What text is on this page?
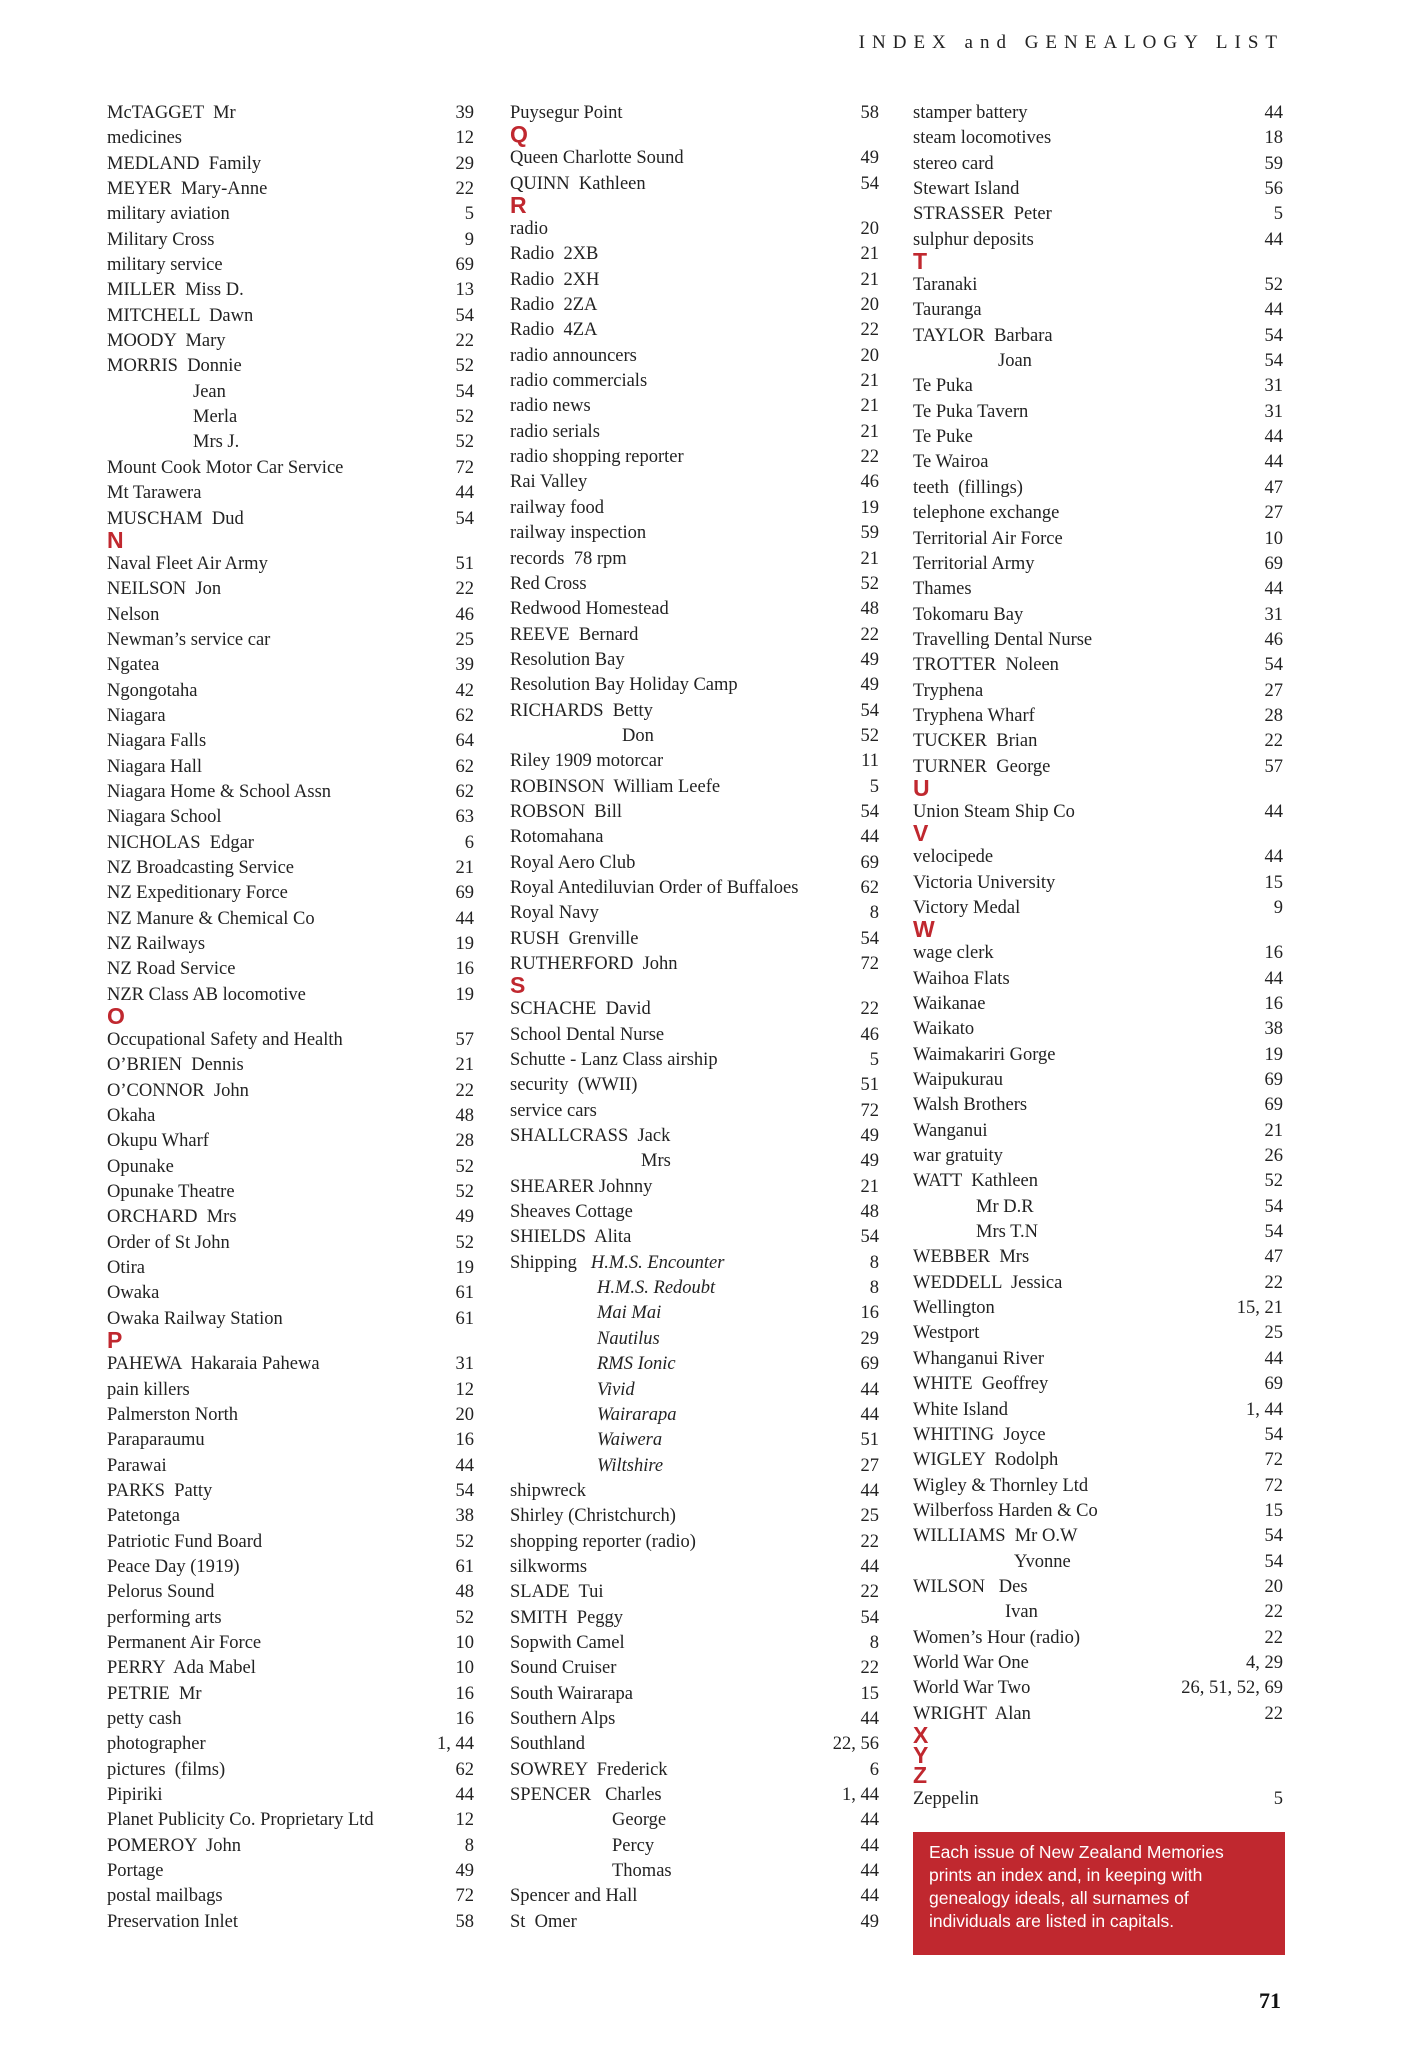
INDEX and GENEALOGY LIST
McTAGGET  Mr	39
medicines	12
MEDLAND  Family	29
MEYER  Mary-Anne	22
military aviation	5
Military Cross	9
military service	69
MILLER  Miss D.	13
MITCHELL  Dawn	54
MOODY  Mary	22
MORRIS  Donnie	52
Jean	54
Merla	52
Mrs J.	52
Mount Cook Motor Car Service	72
Mt Tarawera	44
MUSCHAM  Dud	54
N
Naval Fleet Air Army	51
NEILSON  Jon	22
Nelson	46
Newman’s service car	25
Ngatea	39
Ngongotaha	42
Niagara	62
Niagara Falls	64
Niagara Hall	62
Niagara Home & School Assn	62
Niagara School	63
NICHOLAS  Edgar	6
NZ Broadcasting Service	21
NZ Expeditionary Force	69
NZ Manure & Chemical Co	44
NZ Railways	19
NZ Road Service	16
NZR Class AB locomotive	19
O
Occupational Safety and Health	57
O’BRIEN  Dennis	21
O’CONNOR  John	22
Okaha	48
Okupu Wharf	28
Opunake	52
Opunake Theatre	52
ORCHARD  Mrs	49
Order of St John	52
Otira	19
Owaka	61
Owaka Railway Station	61
P
PAHEWA  Hakaraia Pahewa	31
pain killers	12
Palmerston North	20
Paraparaumu	16
Parawai	44
PARKS  Patty	54
Patetonga	38
Patriotic Fund Board	52
Peace Day (1919)	61
Pelorus Sound	48
performing arts	52
Permanent Air Force	10
PERRY  Ada Mabel	10
PETRIE  Mr	16
petty cash	16
photographer	1, 44
pictures  (films)	62
Pipiriki	44
Planet Publicity Co. Proprietary Ltd	12
POMEROY  John	8
Portage	49
postal mailbags	72
Preservation Inlet	58
Puysegur Point	58
Q
Queen Charlotte Sound	49
QUINN  Kathleen	54
R
radio	20
Radio  2XB	21
Radio  2XH	21
Radio  2ZA	20
Radio  4ZA	22
radio announcers	20
radio commercials	21
radio news	21
radio serials	21
radio shopping reporter	22
Rai Valley	46
railway food	19
railway inspection	59
records  78 rpm	21
Red Cross	52
Redwood Homestead	48
REEVE  Bernard	22
Resolution Bay	49
Resolution Bay Holiday Camp	49
RICHARDS  Betty	54
Don	52
Riley 1909 motorcar	11
ROBINSON  William Leefe	5
ROBSON  Bill	54
Rotomahana	44
Royal Aero Club	69
Royal Antediluvian Order of Buffaloes	62
Royal Navy	8
RUSH  Grenville	54
RUTHERFORD  John	72
S
SCHACHE  David	22
School Dental Nurse	46
Schutte - Lanz Class airship	5
security  (WWII)	51
service cars	72
SHALLCRASS  Jack	49
Mrs	49
SHEARER Johnny	21
Sheaves Cottage	48
SHIELDS  Alita	54
Shipping H.M.S. Encounter	8
H.M.S. Redoubt	8
Mai Mai	16
Nautilus	29
RMS Ionic	69
Vivid	44
Wairarapa	44
Waiwera	51
Wiltshire	27
shipwreck	44
Shirley (Christchurch)	25
shopping reporter (radio)	22
silkworms	44
SLADE  Tui	22
SMITH  Peggy	54
Sopwith Camel	8
Sound Cruiser	22
South Wairarapa	15
Southern Alps	44
Southland	22, 56
SOWREY  Frederick	6
SPENCER   Charles	1, 44
George	44
Percy	44
Thomas	44
Spencer and Hall	44
St  Omer	49
stamper battery	44
steam locomotives	18
stereo card	59
Stewart Island	56
STRASSER  Peter	5
sulphur deposits	44
T
Taranaki	52
Tauranga	44
TAYLOR  Barbara	54
Joan	54
Te Puka	31
Te Puka Tavern	31
Te Puke	44
Te Wairoa	44
teeth  (fillings)	47
telephone exchange	27
Territorial Air Force	10
Territorial Army	69
Thames	44
Tokomaru Bay	31
Travelling Dental Nurse	46
TROTTER  Noleen	54
Tryphena	27
Tryphena Wharf	28
TUCKER  Brian	22
TURNER  George	57
U
Union Steam Ship Co	44
V
velocipede	44
Victoria University	15
Victory Medal	9
W
wage clerk	16
Waihoa Flats	44
Waikanae	16
Waikato	38
Waimakariri Gorge	19
Waipukurau	69
Walsh Brothers	69
Wanganui	21
war gratuity	26
WATT  Kathleen	52
Mr D.R	54
Mrs T.N	54
WEBBER  Mrs	47
WEDDELL  Jessica	22
Wellington	15, 21
Westport	25
Whanganui River	44
WHITE  Geoffrey	69
White Island	1, 44
WHITING  Joyce	54
WIGLEY  Rodolph	72
Wigley & Thornley Ltd	72
Wilberfoss Harden & Co	15
WILLIAMS  Mr O.W	54
Yvonne	54
WILSON   Des	20
Ivan	22
Women’s Hour (radio)	22
World War One	4, 29
World War Two	26, 51, 52, 69
WRIGHT  Alan	22
X
Y
Z
Zeppelin	5
Each issue of New Zealand Memories
prints an index and, in keeping with
genealogy ideals, all surnames of
individuals are listed in capitals.
71
